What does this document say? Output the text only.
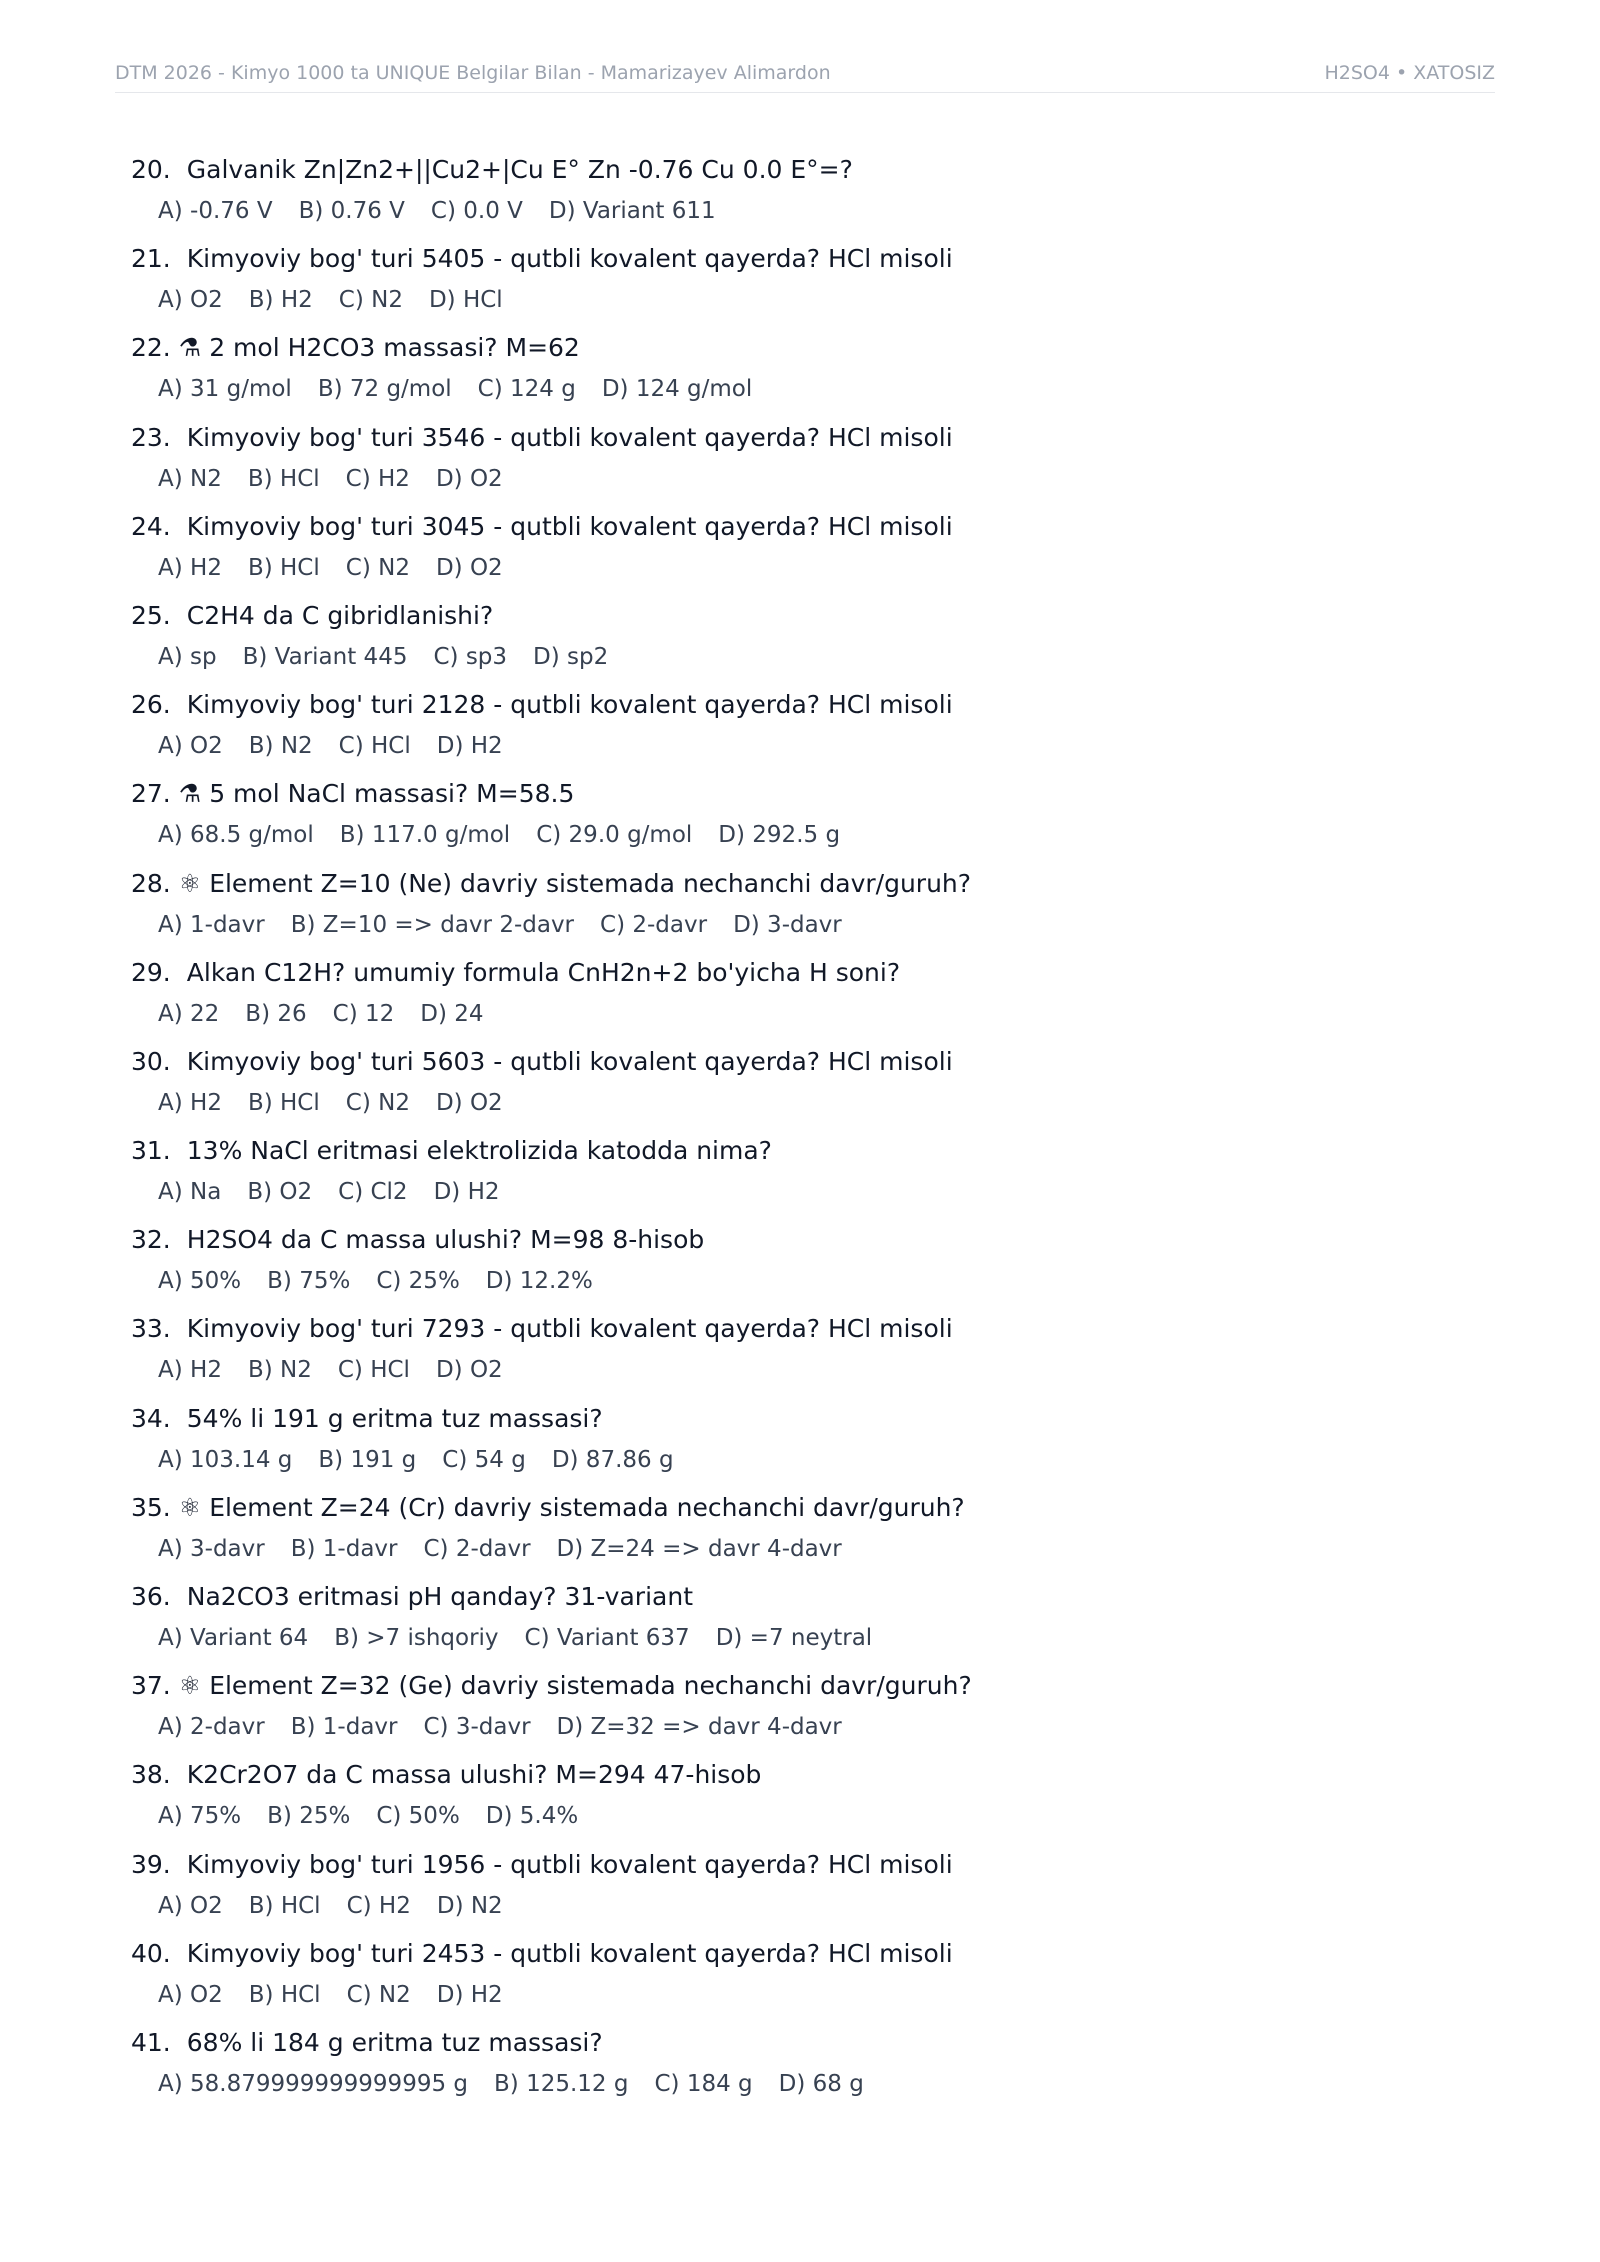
DTM 2026 - Kimyo 1000 ta UNIQUE Belgilar Bilan - Mamarizayev Alimardon	H2SO4 • XATOSIZ
20. Galvanik Zn|Zn2+||Cu2+|Cu E° Zn -0.76 Cu 0.0 E°=?
A) -0.76 V B) 0.76 V C) 0.0 V D) Variant 611
21. Kimyoviy bog' turi 5405 - qutbli kovalent qayerda? HCl misoli
A) O2 B) H2 C) N2 D) HCl
22. ⚗ 2 mol H2CO3 massasi? M=62
A) 31 g/mol B) 72 g/mol C) 124 g D) 124 g/mol
23. Kimyoviy bog' turi 3546 - qutbli kovalent qayerda? HCl misoli
A) N2 B) HCl C) H2 D) O2
24. Kimyoviy bog' turi 3045 - qutbli kovalent qayerda? HCl misoli
A) H2 B) HCl C) N2 D) O2
25. C2H4 da C gibridlanishi?
A) sp B) Variant 445 C) sp3 D) sp2
26. Kimyoviy bog' turi 2128 - qutbli kovalent qayerda? HCl misoli
A) O2 B) N2 C) HCl D) H2
27. ⚗ 5 mol NaCl massasi? M=58.5
A) 68.5 g/mol B) 117.0 g/mol C) 29.0 g/mol D) 292.5 g
28. ⚛ Element Z=10 (Ne) davriy sistemada nechanchi davr/guruh?
A) 1-davr B) Z=10 => davr 2-davr C) 2-davr D) 3-davr
29. Alkan C12H? umumiy formula CnH2n+2 bo'yicha H soni?
A) 22 B) 26 C) 12 D) 24
30. Kimyoviy bog' turi 5603 - qutbli kovalent qayerda? HCl misoli
A) H2 B) HCl C) N2 D) O2
31. 13% NaCl eritmasi elektrolizida katodda nima?
A) Na B) O2 C) Cl2 D) H2
32. H2SO4 da C massa ulushi? M=98 8-hisob
A) 50% B) 75% C) 25% D) 12.2%
33. Kimyoviy bog' turi 7293 - qutbli kovalent qayerda? HCl misoli
A) H2 B) N2 C) HCl D) O2
34. 54% li 191 g eritma tuz massasi?
A) 103.14 g B) 191 g C) 54 g D) 87.86 g
35. ⚛ Element Z=24 (Cr) davriy sistemada nechanchi davr/guruh?
A) 3-davr B) 1-davr C) 2-davr D) Z=24 => davr 4-davr
36. Na2CO3 eritmasi pH qanday? 31-variant
A) Variant 64 B) >7 ishqoriy C) Variant 637 D) =7 neytral
37. ⚛ Element Z=32 (Ge) davriy sistemada nechanchi davr/guruh?
A) 2-davr B) 1-davr C) 3-davr D) Z=32 => davr 4-davr
38. K2Cr2O7 da C massa ulushi? M=294 47-hisob
A) 75% B) 25% C) 50% D) 5.4%
39. Kimyoviy bog' turi 1956 - qutbli kovalent qayerda? HCl misoli
A) O2 B) HCl C) H2 D) N2
40. Kimyoviy bog' turi 2453 - qutbli kovalent qayerda? HCl misoli
A) O2 B) HCl C) N2 D) H2
41. 68% li 184 g eritma tuz massasi?
A) 58.879999999999995 g B) 125.12 g C) 184 g D) 68 g
